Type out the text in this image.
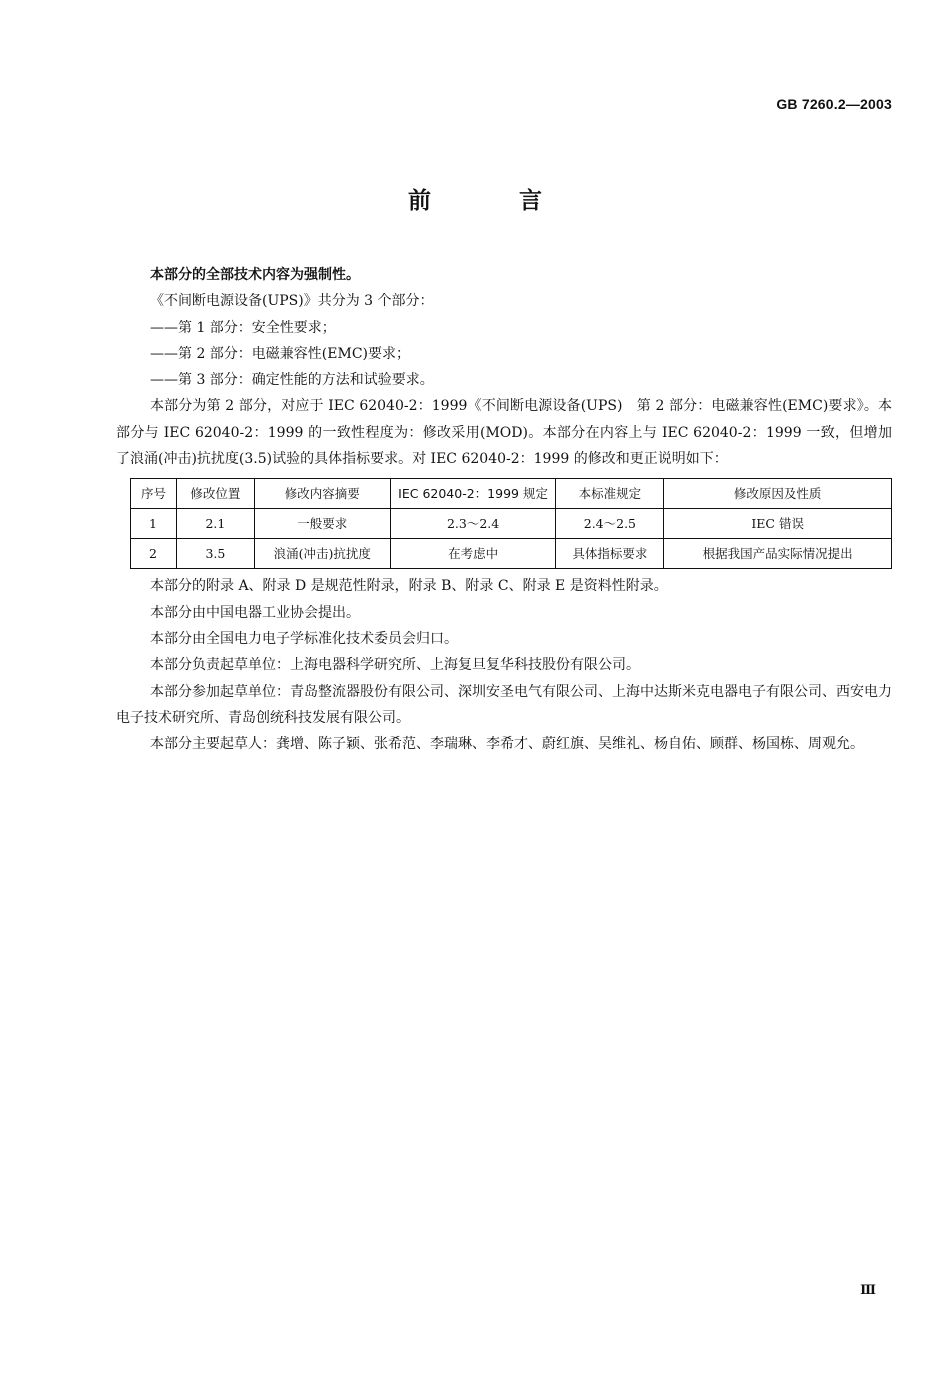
GB 7260.2—2003
前 言

本部分的全部技术内容为强制性。

《不间断电源设备(UPS)》共分为 3 个部分：

——第 1 部分：安全性要求；

——第 2 部分：电磁兼容性(EMC)要求；

——第 3 部分：确定性能的方法和试验要求。

本部分为第 2 部分，对应于 IEC 62040-2：1999《不间断电源设备(UPS)　第 2 部分：电磁兼容性(EMC)要求》。本部分与 IEC 62040-2：1999 的一致性程度为：修改采用(MOD)。本部分在内容上与 IEC 62040-2：1999 一致，但增加了浪涌(冲击)抗扰度(3.5)试验的具体指标要求。对 IEC 62040-2：1999 的修改和更正说明如下：

序号	修改位置	修改内容摘要	IEC 62040-2：1999 规定	本标准规定	修改原因及性质
1	2.1	一般要求	2.3～2.4	2.4～2.5	IEC 错误
2	3.5	浪涌(冲击)抗扰度	在考虑中	具体指标要求	根据我国产品实际情况提出

本部分的附录 A、附录 D 是规范性附录，附录 B、附录 C、附录 E 是资料性附录。

本部分由中国电器工业协会提出。

本部分由全国电力电子学标准化技术委员会归口。

本部分负责起草单位：上海电器科学研究所、上海复旦复华科技股份有限公司。

本部分参加起草单位：青岛整流器股份有限公司、深圳安圣电气有限公司、上海中达斯米克电器电子有限公司、西安电力电子技术研究所、青岛创统科技发展有限公司。

本部分主要起草人：龚增、陈子颖、张希范、李瑞琳、李希才、蔚红旗、吴维礼、杨自佑、顾群、杨国栋、周观允。

Ⅲ
